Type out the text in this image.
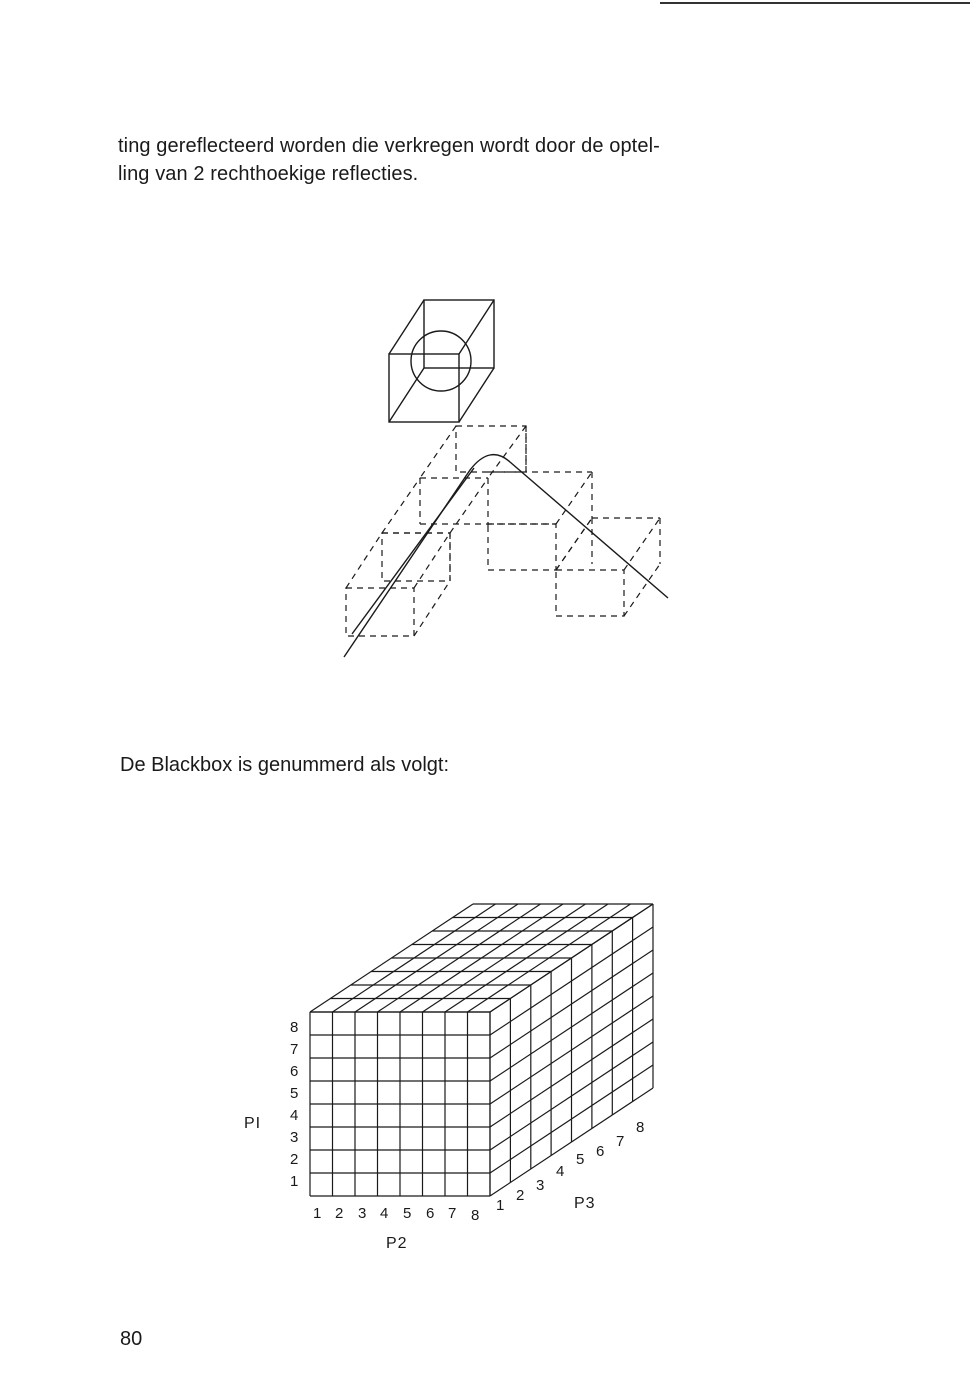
ting gereflecteerd worden die verkregen wordt door de optel-
ling van 2 rechthoekige reflecties.
De Blackbox is genummerd als volgt:
1
2
3
4
5
6
7
8
1 2 3 4 5 6 7 8
1
2
3
4
5 6
7
8
PI
P2
P3
80
